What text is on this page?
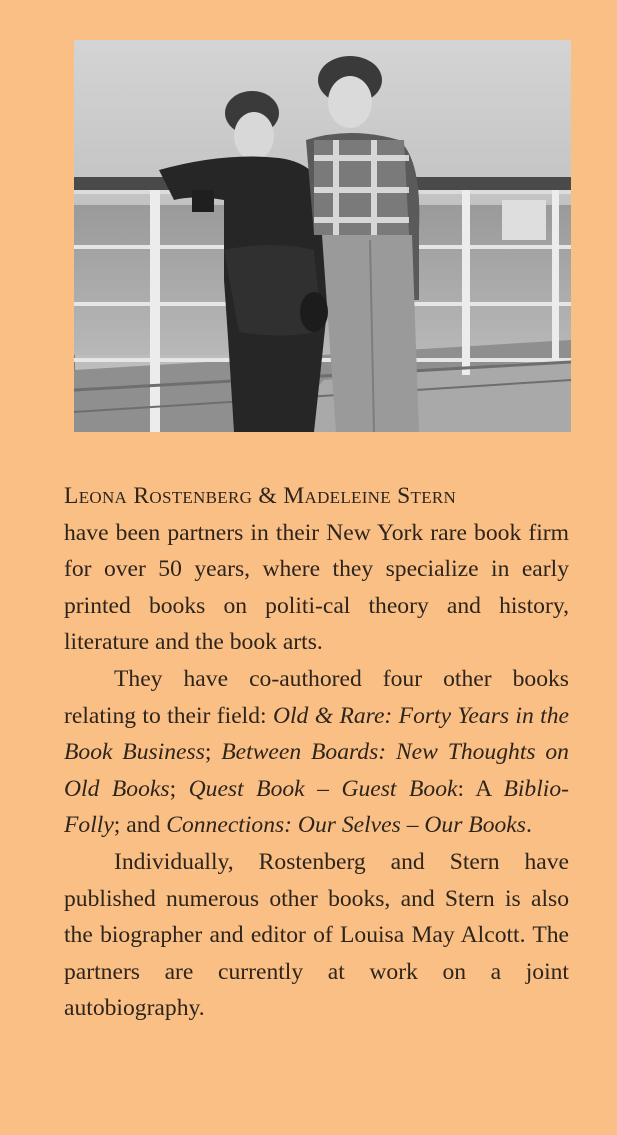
Leona Rostenberg & Madeleine Stern

have been partners in their New York rare book firm for over 50 years, where they specialize in early printed books on politi-cal theory and history, literature and the book arts.

They have co-authored four other books relating to their field: Old & Rare: Forty Years in the Book Business; Between Boards: New Thoughts on Old Books; Quest Book – Guest Book: A Biblio-Folly; and Connections: Our Selves – Our Books.

Individually, Rostenberg and Stern have published numerous other books, and Stern is also the biographer and editor of Louisa May Alcott. The partners are currently at work on a joint autobiography.
